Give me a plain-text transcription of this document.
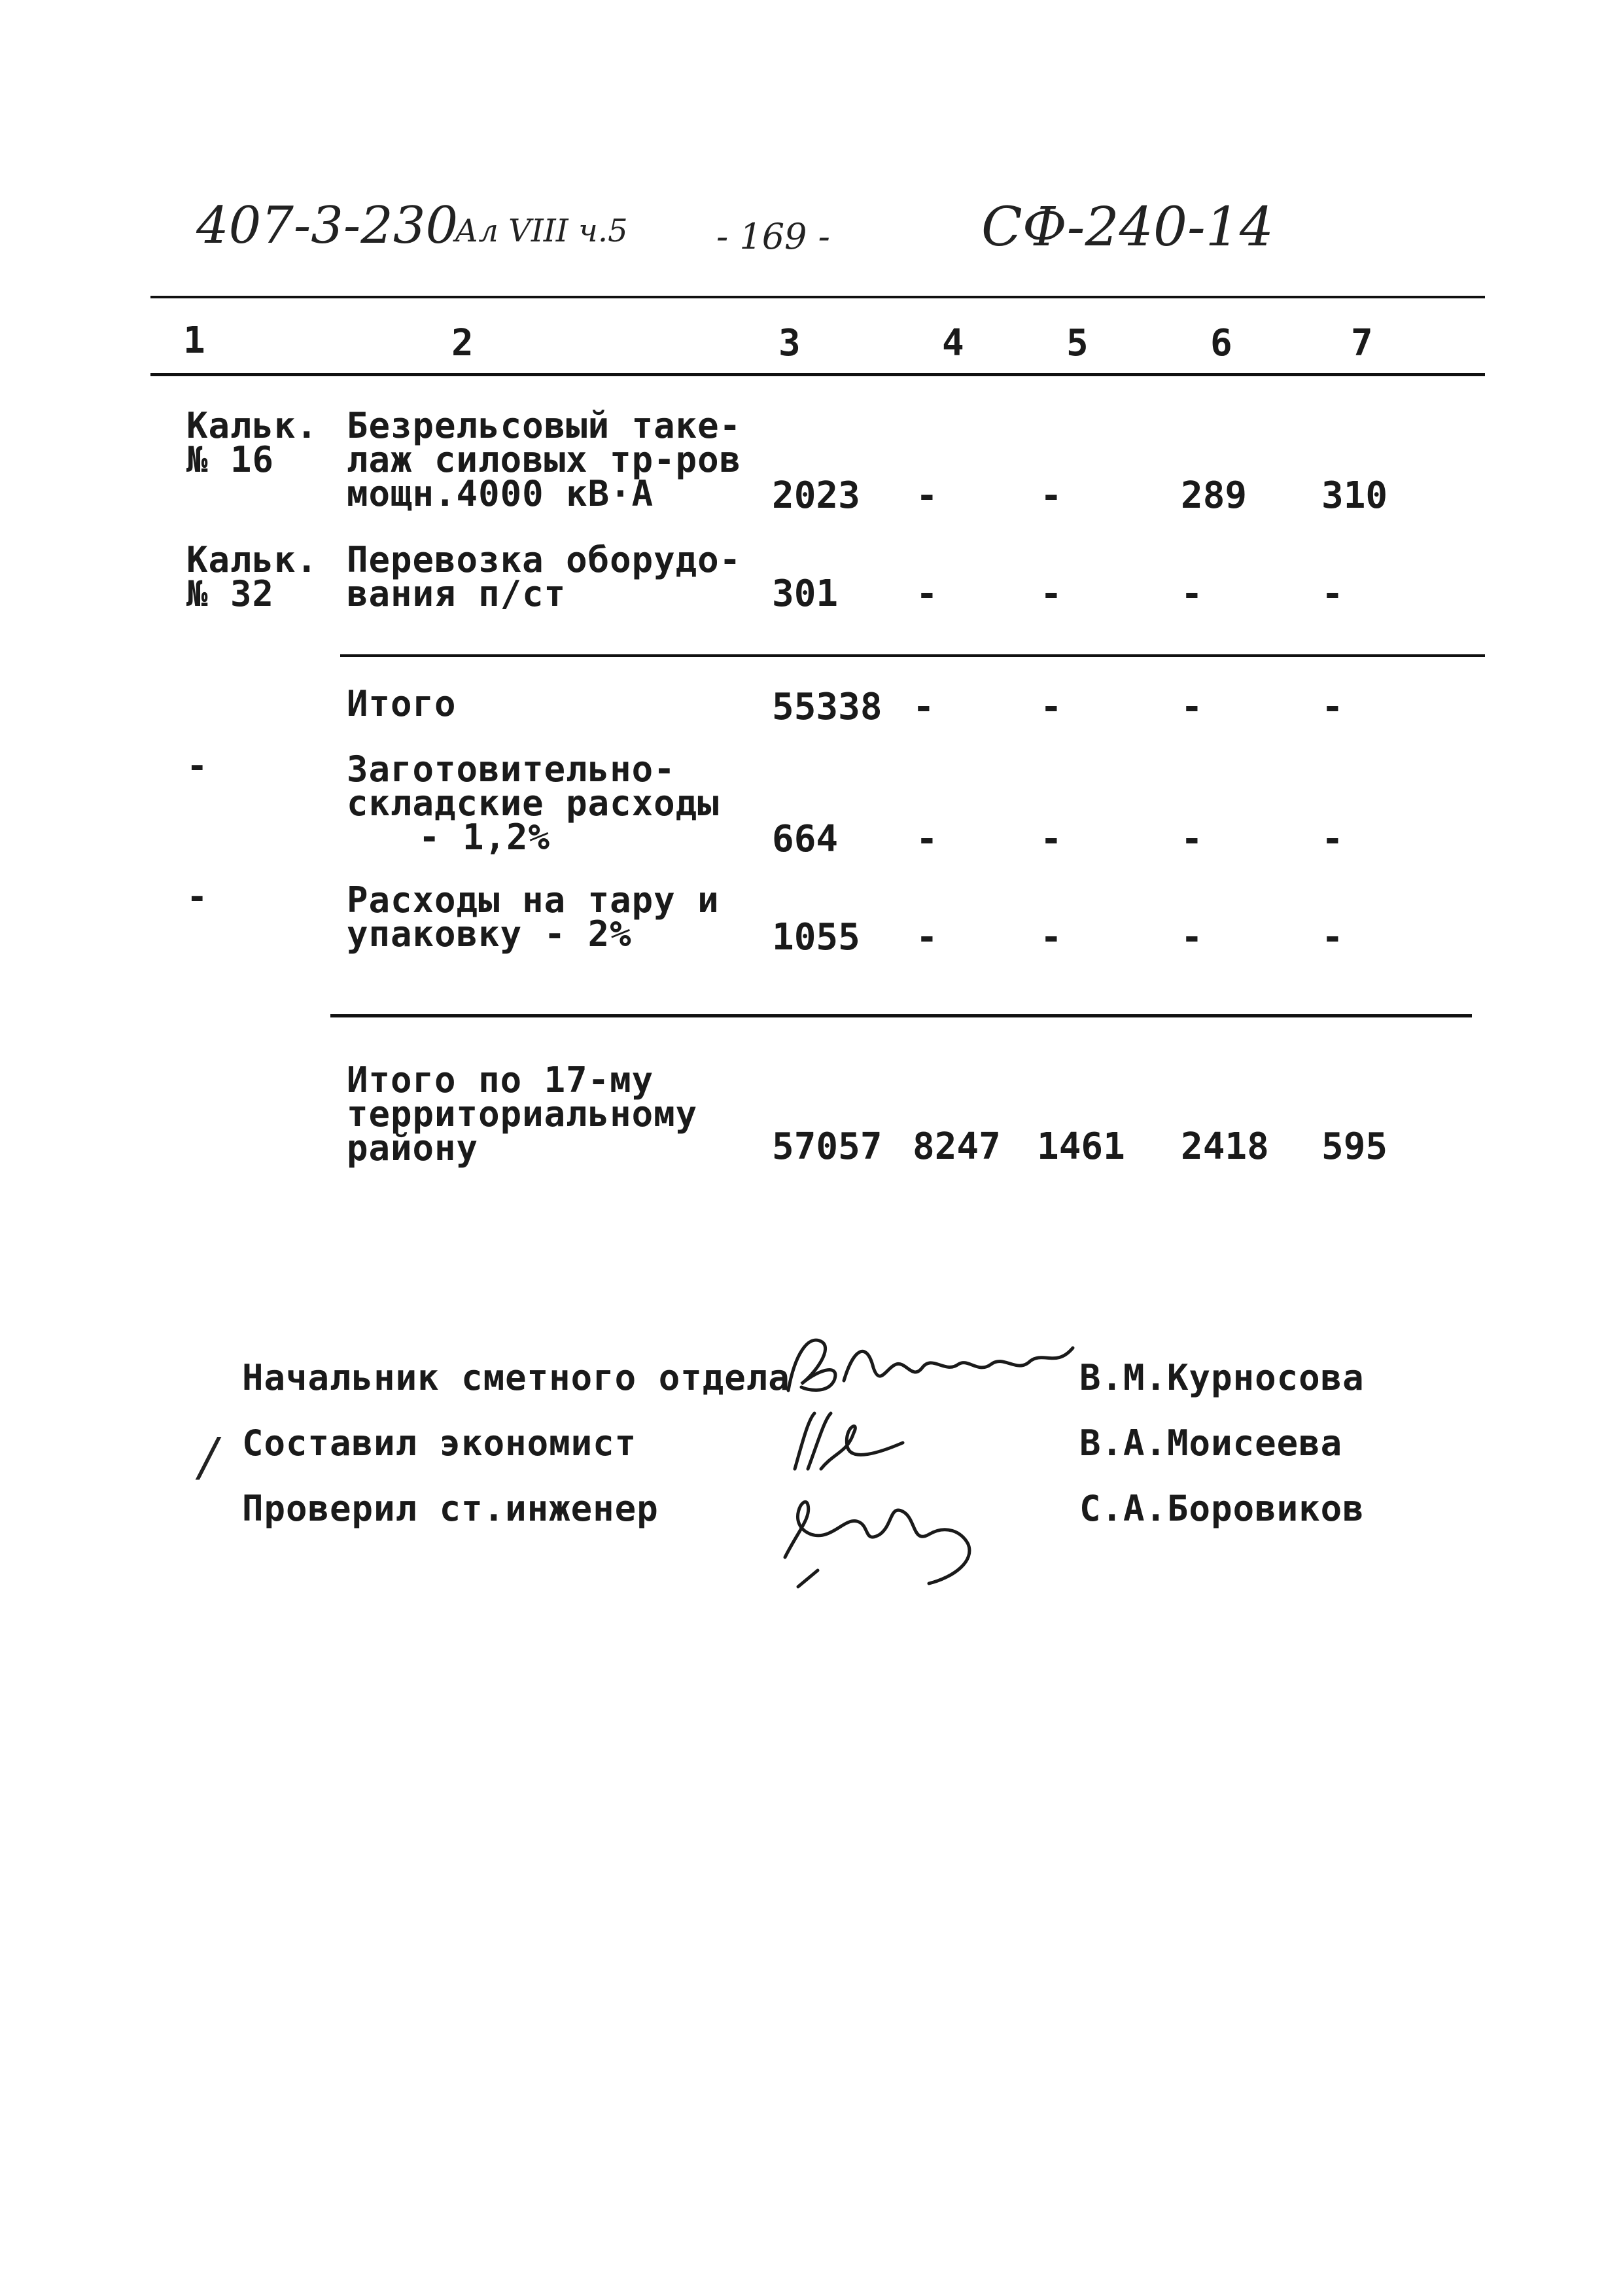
407-3-230
Ал VIII ч.5	- 169 -	СФ-240-14
1	2	3	4	5	6	7
Кальк.
№ 16
Безрельсовый такe-
лаж силовых тр-ров
мощн.4000 кВ·А	2023 -	-	289 310
Кальк.
№ 32
Перевозка оборудо-
вания п/ст	301 -	-	-	-
Итого	55338 -	-	-	-
-	Заготовительно-
складские расходы
- 1,2%	664 -	-	-	-
-	Расходы на тару и
упаковку - 2%	1055 -	-	-	-
Итого по 17-му
территориальному
району	57057 8247 1461 2418 595
/
Начальник сметного отдела
Составил экономист
Проверил ст.инженер
В.М.Курносова
В.А.Моисеева
С.А.Боровиков
